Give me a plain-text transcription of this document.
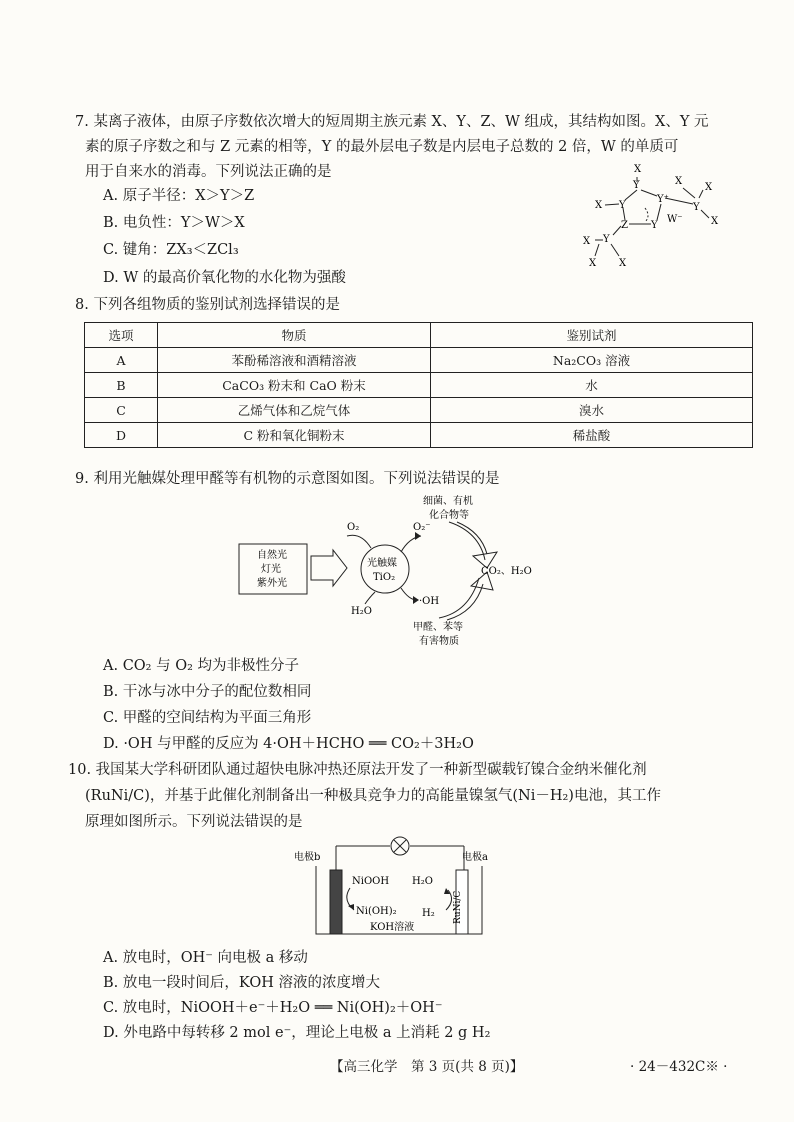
7. 某离子液体，由原子序数依次增大的短周期主族元素 X、Y、Z、W 组成，其结构如图。X、Y 元
素的原子序数之和与 Z 元素的相等，Y 的最外层电子数是内层电子总数的 2 倍，W 的单质可
用于自来水的消毒。下列说法正确的是
A. 原子半径：X＞Y＞Z
B. 电负性：Y＞W＞X
C. 键角：ZX₃＜ZCl₃
D. W 的最高价氧化物的水化物为强酸
X
Y
Y⁺
X Y
Z Y
X
X
Y
X
W⁻
Y
X
X X
8. 下列各组物质的鉴别试剂选择错误的是
选项	物质	鉴别试剂
A	苯酚稀溶液和酒精溶液	Na₂CO₃ 溶液
B	CaCO₃ 粉末和 CaO 粉末	水
C	乙烯气体和乙烷气体	溴水
D	C 粉和氧化铜粉末	稀盐酸
9. 利用光触媒处理甲醛等有机物的示意图如图。下列说法错误的是
自然光
灯光
紫外光
光触媒
TiO₂
O₂	O₂⁻
H₂O
·OH
细菌、有机
化合物等
CO₂、H₂O
甲醛、苯等
有害物质
A. CO₂ 与 O₂ 均为非极性分子
B. 干冰与冰中分子的配位数相同
C. 甲醛的空间结构为平面三角形
D. ·OH 与甲醛的反应为 4·OH＋HCHO ══ CO₂＋3H₂O
10. 我国某大学科研团队通过超快电脉冲热还原法开发了一种新型碳载钌镍合金纳米催化剂
(RuNi/C)，并基于此催化剂制备出一种极具竞争力的高能量镍氢气(Ni－H₂)电池，其工作
原理如图所示。下列说法错误的是
RuNi/C
电极b	电极a
NiOOH
Ni(OH)₂
H₂O
H₂
KOH溶液
A. 放电时，OH⁻ 向电极 a 移动
B. 放电一段时间后，KOH 溶液的浓度增大
C. 放电时，NiOOH＋e⁻＋H₂O ══ Ni(OH)₂＋OH⁻
D. 外电路中每转移 2 mol e⁻，理论上电极 a 上消耗 2 g H₂
【高三化学　第 3 页(共 8 页)】	· 24－432C※ ·
